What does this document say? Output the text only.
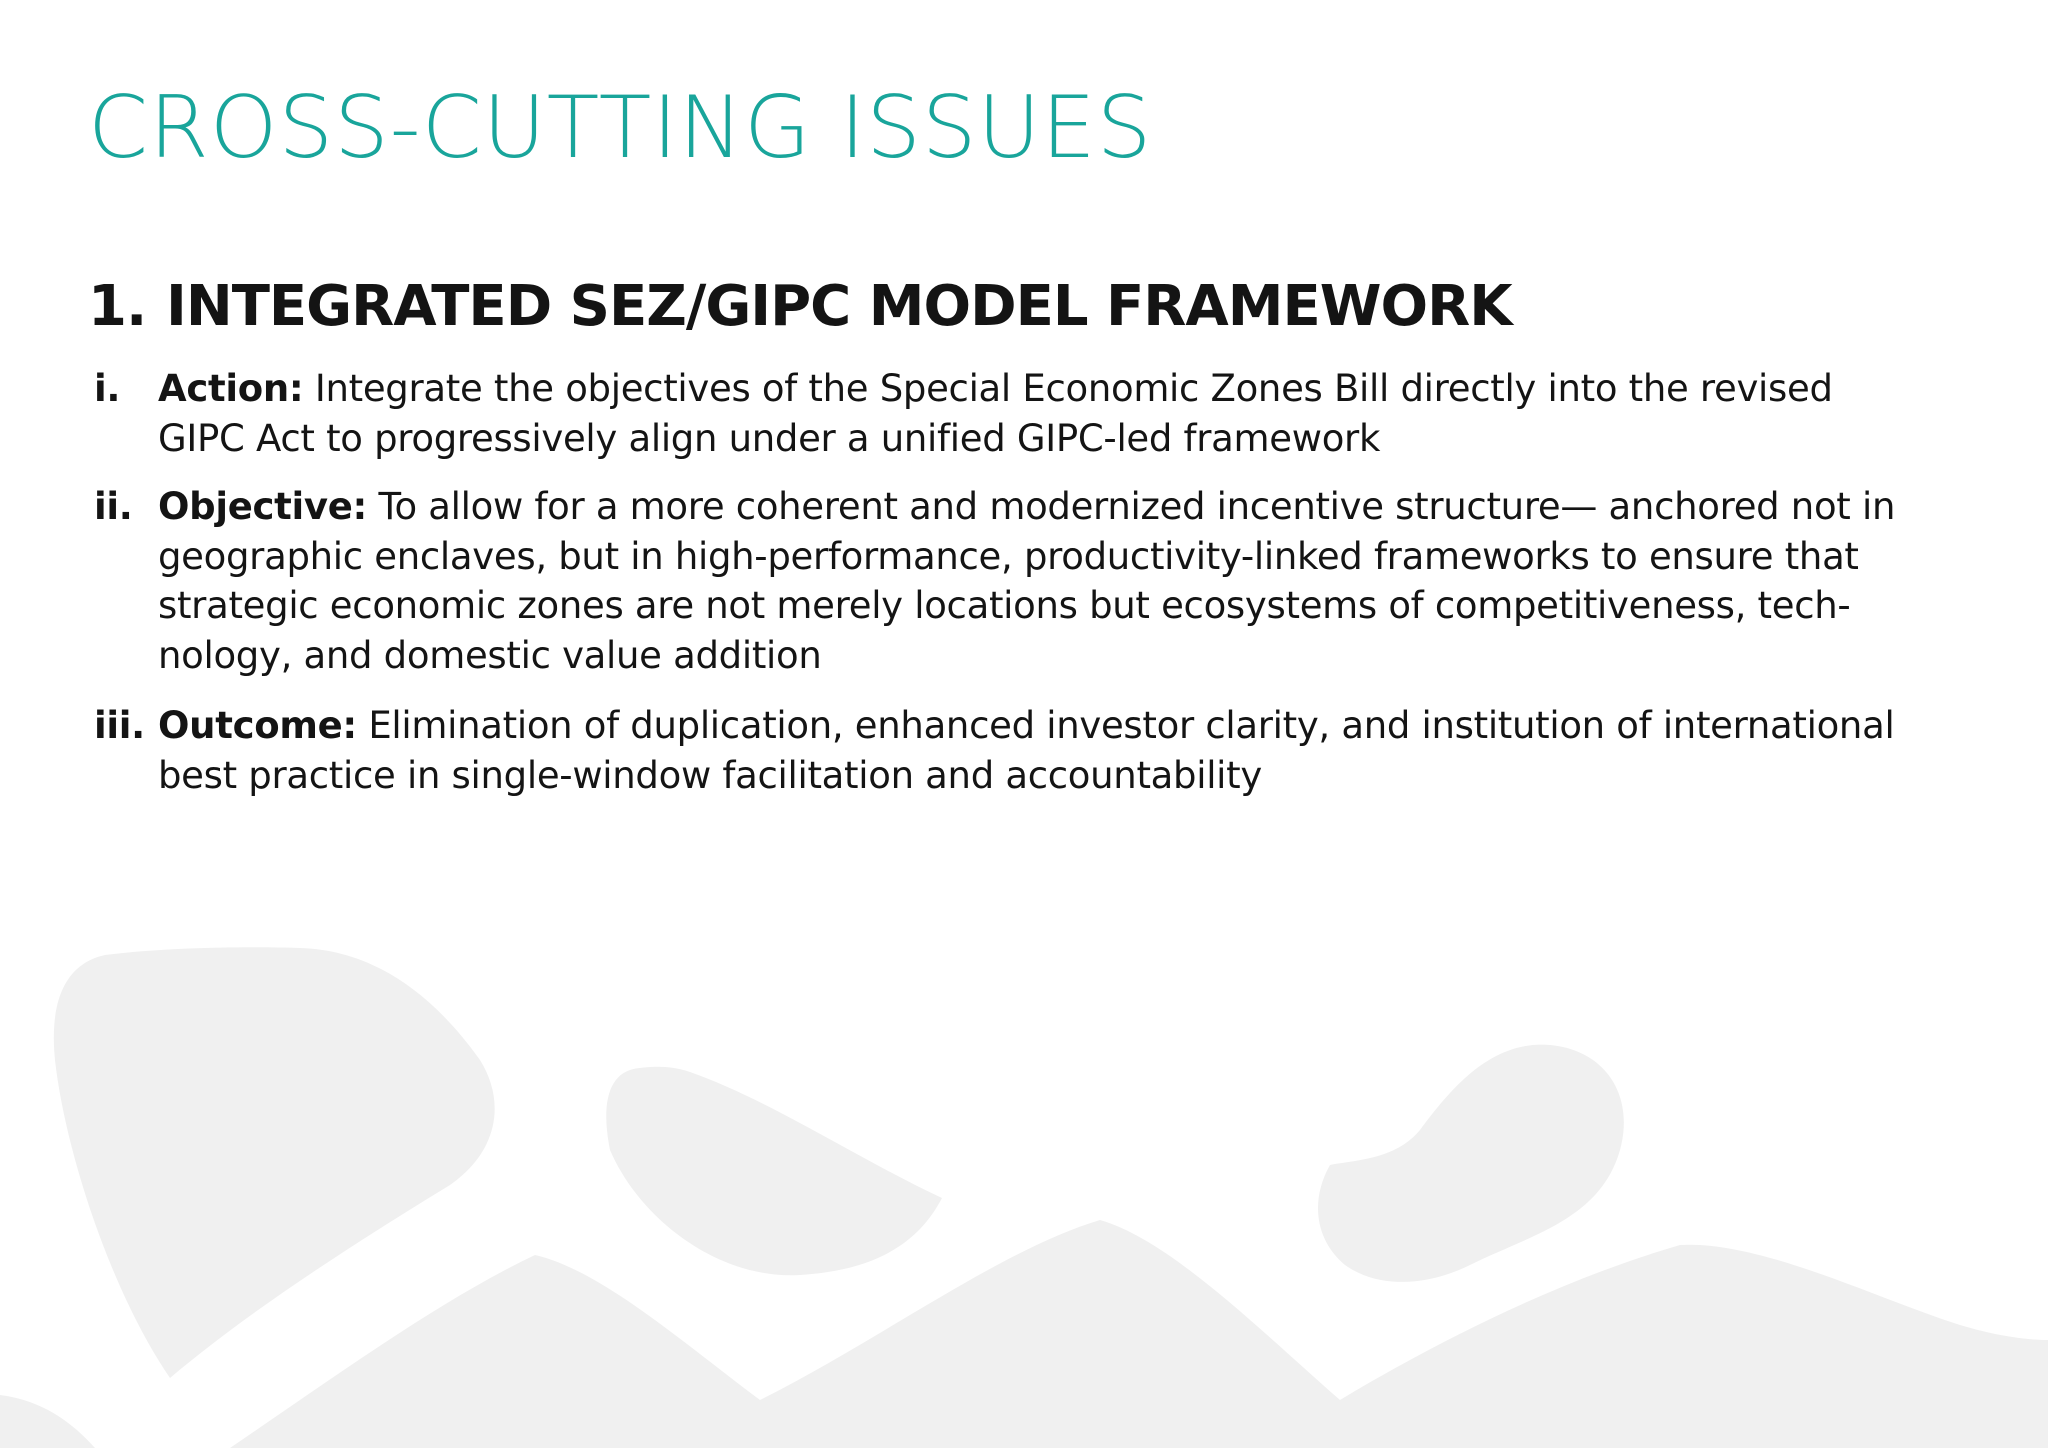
CROSS-CUTTING ISSUES
1. INTEGRATED SEZ/GIPC MODEL FRAMEWORK
i. Action: Integrate the objectives of the Special Economic Zones Bill directly into the revised
GIPC Act to progressively align under a unified GIPC-led framework
ii. Objective: To allow for a more coherent and modernized incentive structure— anchored not in
geographic enclaves, but in high-performance, productivity-linked frameworks to ensure that
strategic economic zones are not merely locations but ecosystems of competitiveness, tech-
nology, and domestic value addition
iii. Outcome: Elimination of duplication, enhanced investor clarity, and institution of international
best practice in single-window facilitation and accountability
